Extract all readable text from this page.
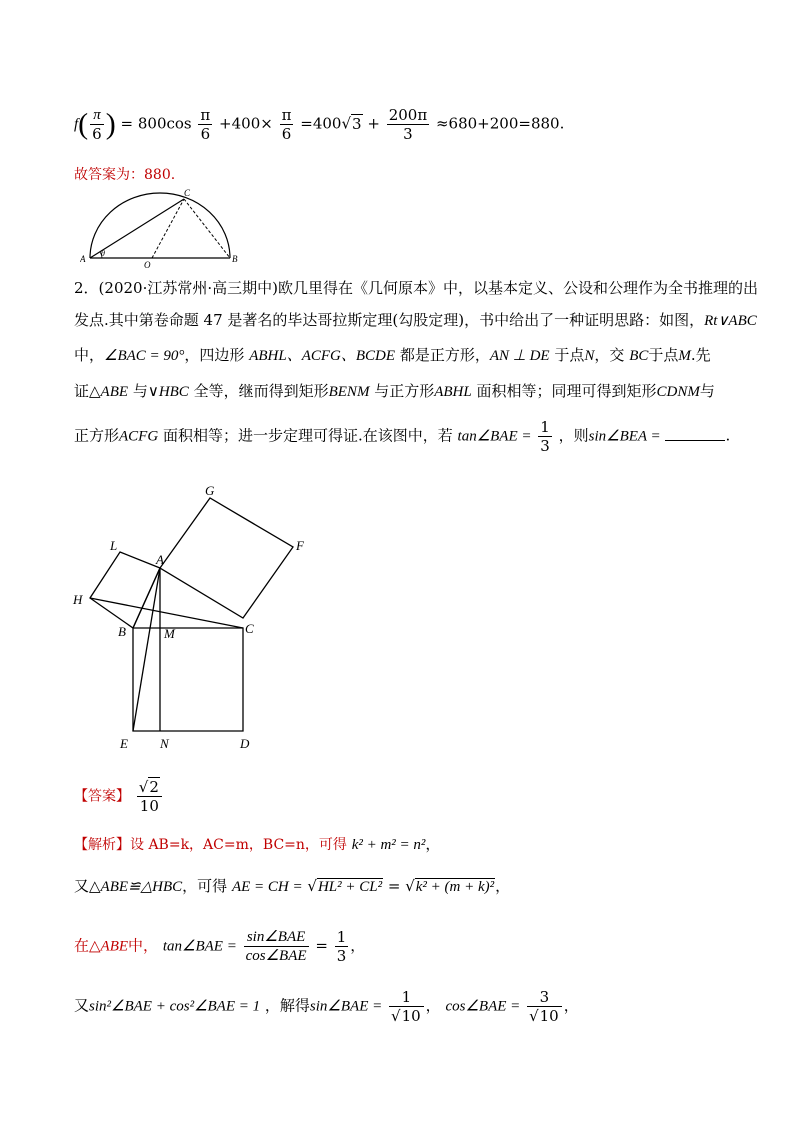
$f( \frac{\pi}{6}$ ) = $800\cos \frac{\pi}{6} +400\times \frac{\pi}{6} =400√3 + \frac{200\pi}{3} \approx 680+200=880$.
故答案为：880.
A	B
C
O
θ
2．(2020·江苏常州·高三期中)欧几里得在《几何原本》中，以基本定义、公设和公理作为全书推理的出
发点.其中第卷命题 47 是著名的毕达哥拉斯定理(勾股定理)，书中给出了一种证明思路：如图，Rt∨ABC
中，∠BAC = 90°，四边形 ABHL、ACFG、BCDE 都是正方形，AN ⊥ DE 于点N，交 BC于点M.先
证△ABE 与∨HBC 全等，继而得到矩形BENM 与正方形ABHL 面积相等；同理可得到矩形CDNM与
正方形ACFG 面积相等；进一步定理可得证.在该图中，若 tan∠BAE = $\frac{1}{3}$ ，则sin∠BEA =	.
G
F
L
A
H
B	M	C
E N	D
【答案】 $\frac{√2}{10}$
【解析】设 AB=k，AC=m，BC=n，可得 k² + m² = n²，
又△ABE≌△HBC，可得 AE = CH = √HL² + CL² = √k² + (m + k)²，
在△ABE中， tan∠BAE = $\frac{\text{sin∠BAE}}{\text{cos∠BAE}} = \frac{1}{3}$ ，
又sin²∠BAE + cos²∠BAE = 1 ，解得sin∠BAE = $\frac{1}{√10}$ ， cos∠BAE = $\frac{3}{√10}$ ，
